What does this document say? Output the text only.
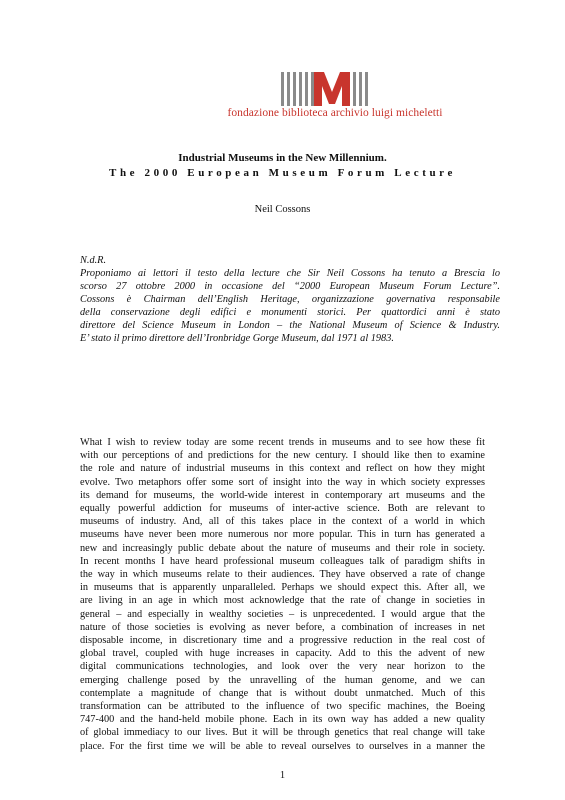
fondazione biblioteca archivio luigi micheletti
Industrial Museums in the New Millennium.
The 2000 European Museum Forum Lecture
Neil Cossons
N.d.R.
Proponiamo ai lettori il testo della lecture che Sir Neil Cossons ha tenuto a Brescia lo
scorso 27 ottobre 2000 in occasione del “2000 European Museum Forum Lecture”.
Cossons è Chairman dell’English Heritage, organizzazione governativa responsabile
della conservazione degli edifici e monumenti storici. Per quattordici anni è stato
direttore del Science Museum in London – the National Museum of Science & Industry.
E’ stato il primo direttore dell’Ironbridge Gorge Museum, dal 1971 al 1983.
What I wish to review today are some recent trends in museums and to see how these fit
with our perceptions of and predictions for the new century. I should like then to examine
the role and nature of industrial museums in this context and reflect on how they might
evolve. Two metaphors offer some sort of insight into the way in which society expresses
its demand for museums, the world-wide interest in contemporary art museums and the
equally powerful addiction for museums of inter-active science. Both are relevant to
museums of industry. And, all of this takes place in the context of a world in which
museums have never been more numerous nor more popular. This in turn has generated a
new and increasingly public debate about the nature of museums and their role in society.
In recent months I have heard professional museum colleagues talk of paradigm shifts in
the way in which museums relate to their audiences. They have observed a rate of change
in museums that is apparently unparalleled. Perhaps we should expect this. After all, we
are living in an age in which most acknowledge that the rate of change in societies in
general – and especially in wealthy societies – is unprecedented. I would argue that the
nature of those societies is evolving as never before, a combination of increases in net
disposable income, in discretionary time and a progressive reduction in the real cost of
global travel, coupled with huge increases in capacity. Add to this the advent of new
digital communications technologies, and look over the very near horizon to the
emerging challenge posed by the unravelling of the human genome, and we can
contemplate a magnitude of change that is without doubt unmatched. Much of this
transformation can be attributed to the influence of two specific machines, the Boeing
747-400 and the hand-held mobile phone. Each in its own way has added a new quality
of global immediacy to our lives. But it will be through genetics that real change will take
place. For the first time we will be able to reveal ourselves to ourselves in a manner the
1
